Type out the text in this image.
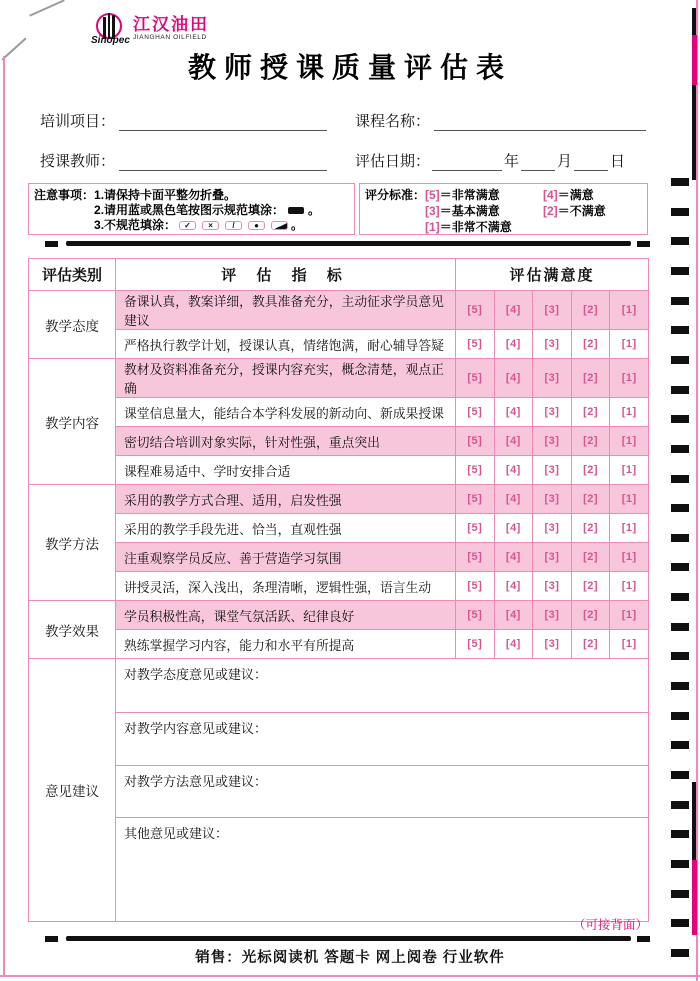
Sinopec
江汉油田
JIANGHAN OILFIELD
教师授课质量评估表
培训项目：	课程名称：
授课教师：	评估日期：	年	月	日
注意事项： 1.请保持卡面平整勿折叠。
2.请用蓝或黑色笔按图示规范填涂： 。
3.不规范填涂：	✓	×	/	●	。
评分标准： [5]＝非常满意	[4]＝满意
[3]＝基本满意	[2]＝不满意
[1]＝非常不满意
评估类别	评 估 指 标	评估满意度				
教学态度	备课认真，教案详细，教具准备充分，主动征求学员意见建议	[5]	[4]	[3]	[2]	[1]
	严格执行教学计划，授课认真，情绪饱满，耐心辅导答疑	[5]	[4]	[3]	[2]	[1]
教学内容	教材及资料准备充分，授课内容充实，概念清楚，观点正确	[5]	[4]	[3]	[2]	[1]
	课堂信息量大，能结合本学科发展的新动向、新成果授课	[5]	[4]	[3]	[2]	[1]
	密切结合培训对象实际，针对性强，重点突出	[5]	[4]	[3]	[2]	[1]
	课程难易适中、学时安排合适	[5]	[4]	[3]	[2]	[1]
教学方法	采用的教学方式合理、适用，启发性强	[5]	[4]	[3]	[2]	[1]
	采用的教学手段先进、恰当，直观性强	[5]	[4]	[3]	[2]	[1]
	注重观察学员反应、善于营造学习氛围	[5]	[4]	[3]	[2]	[1]
	讲授灵活，深入浅出，条理清晰，逻辑性强，语言生动	[5]	[4]	[3]	[2]	[1]
教学效果	学员积极性高，课堂气氛活跃、纪律良好	[5]	[4]	[3]	[2]	[1]
	熟练掌握学习内容，能力和水平有所提高	[5]	[4]	[3]	[2]	[1]
意见建议	对教学态度意见或建议：					
	对教学内容意见或建议：					
	对教学方法意见或建议：					
	其他意见或建议：					
（可接背面）
销售：光标阅读机 答题卡 网上阅卷 行业软件
